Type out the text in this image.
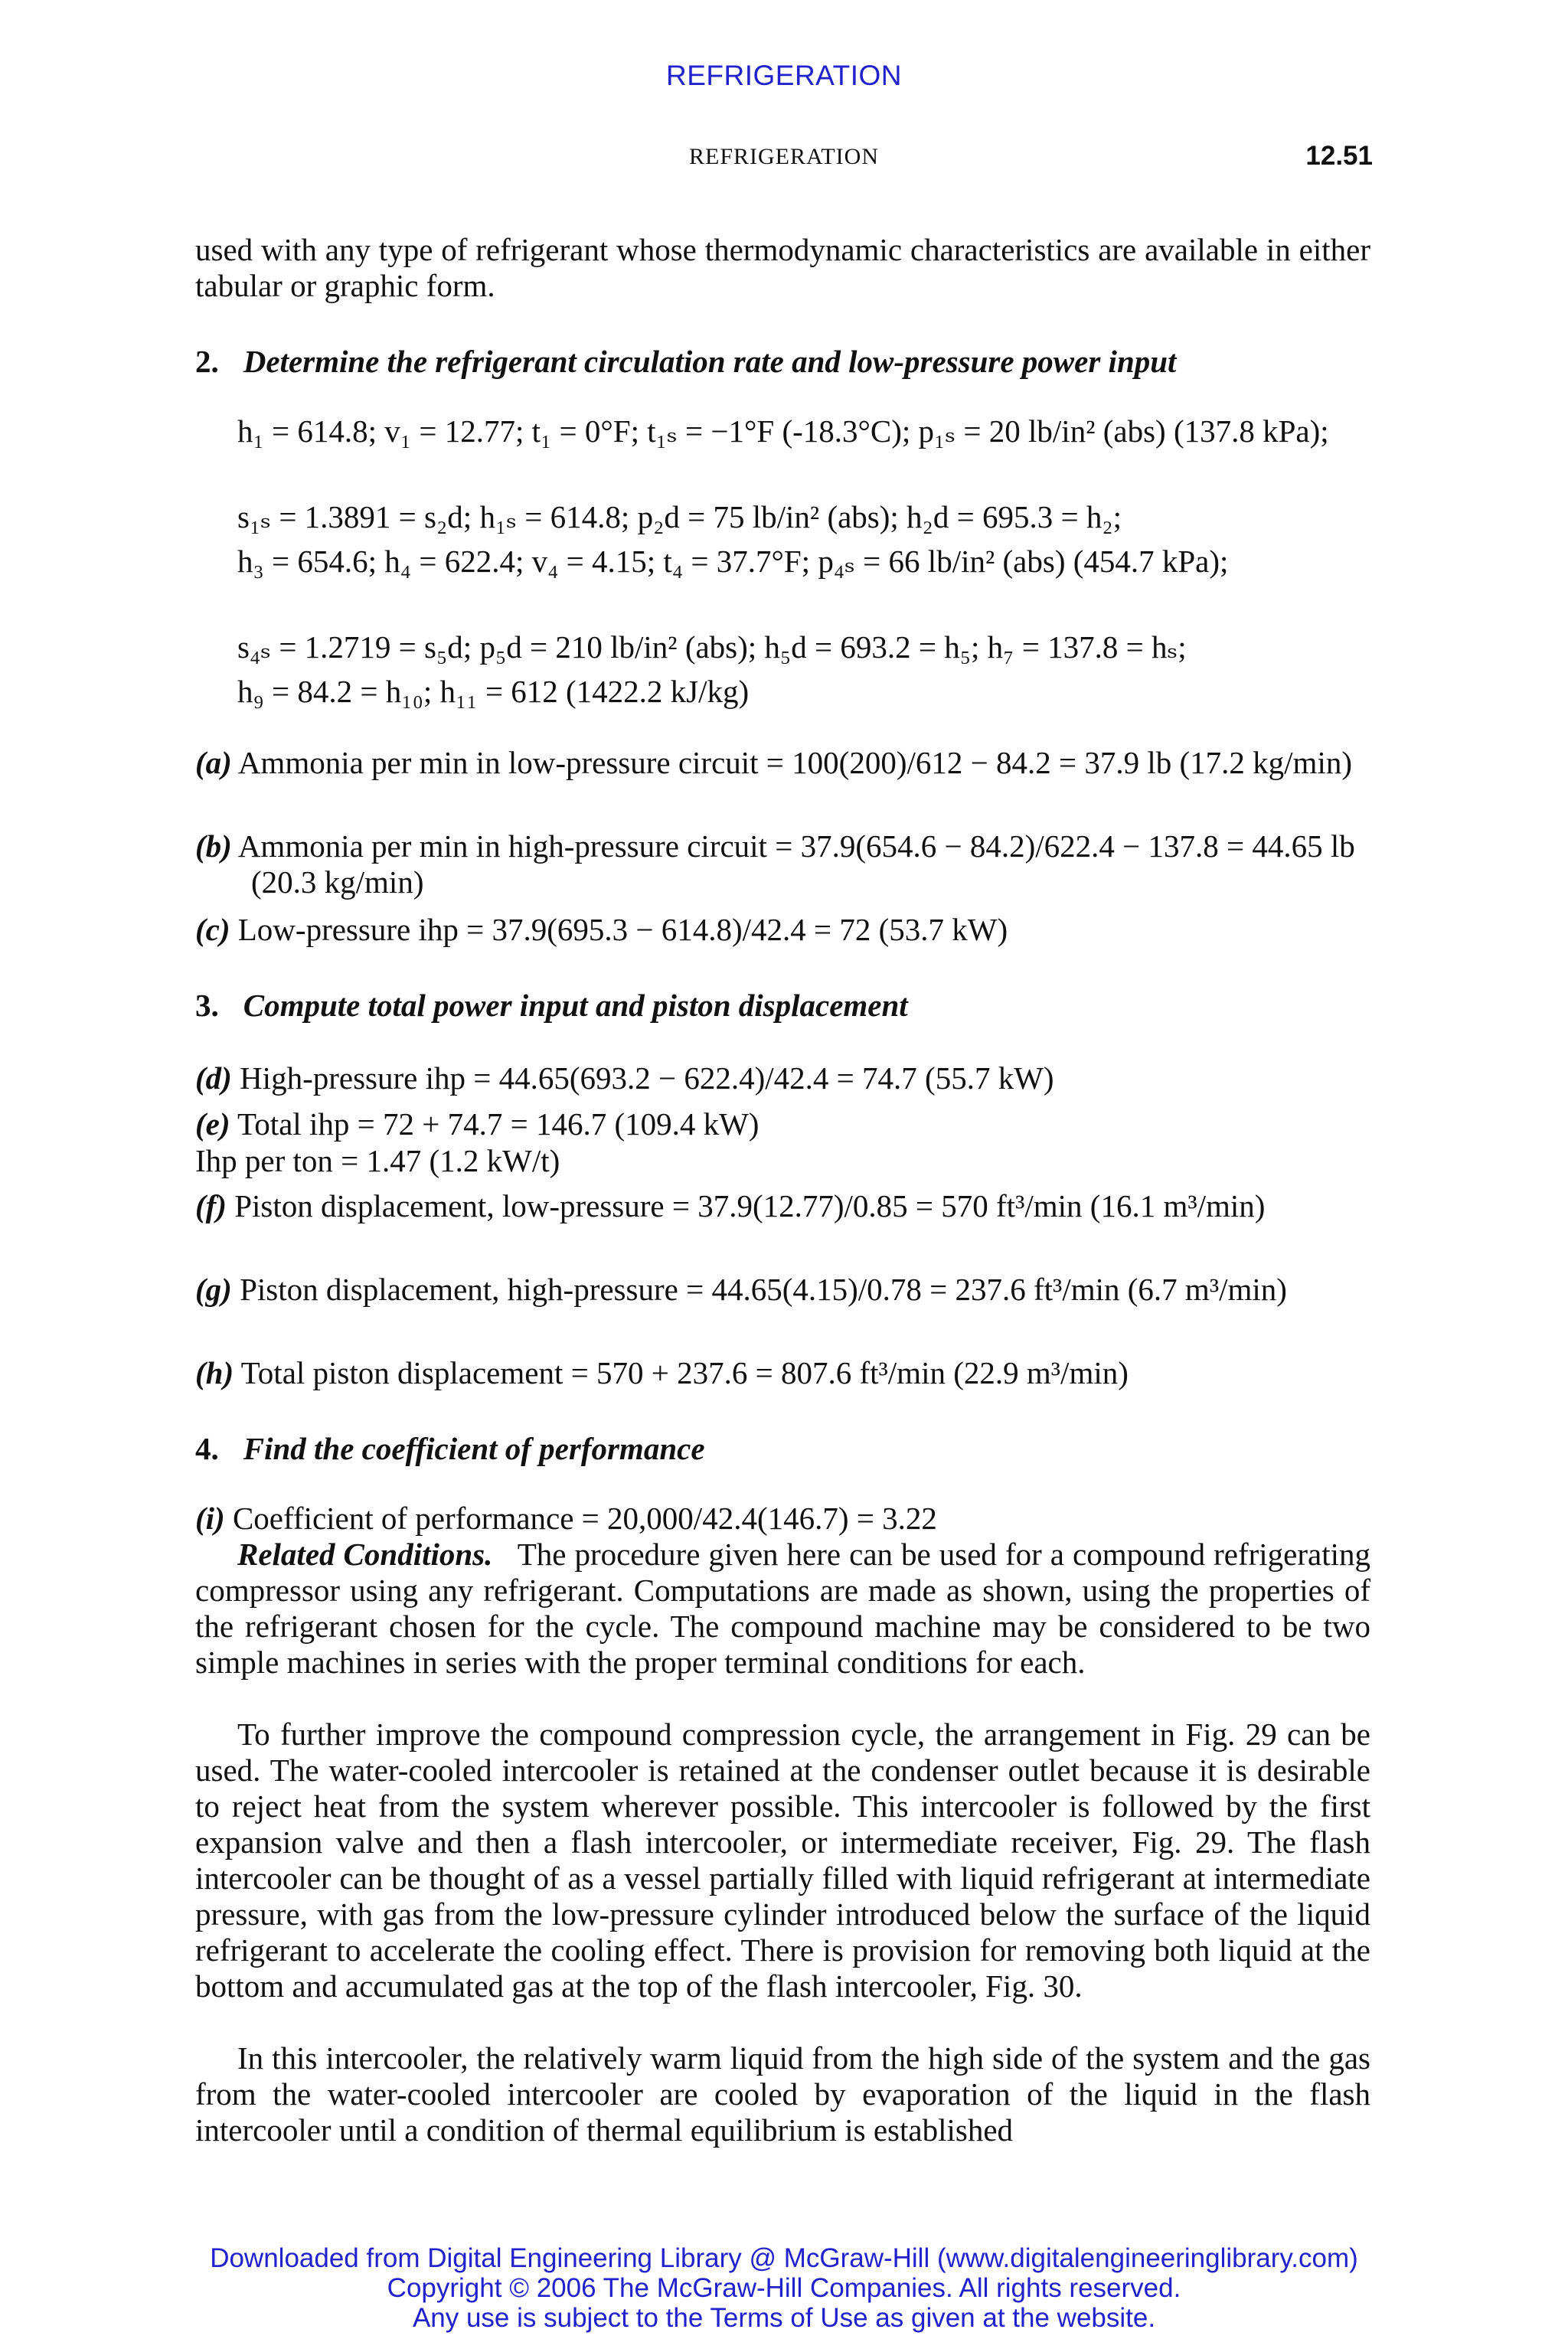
REFRIGERATION
REFRIGERATION	12.51
used with any type of refrigerant whose thermodynamic characteristics are available in either tabular or graphic form.
2. Determine the refrigerant circulation rate and low-pressure power input
h₁ = 614.8; v₁ = 12.77; t₁ = 0°F; t₁ₛ = −1°F (-18.3°C); p₁ₛ = 20 lb/in² (abs) (137.8 kPa);
s₁ₛ = 1.3891 = s₂d; h₁ₛ = 614.8; p₂d = 75 lb/in² (abs); h₂d = 695.3 = h₂;
h₃ = 654.6; h₄ = 622.4; v₄ = 4.15; t₄ = 37.7°F; p₄ₛ = 66 lb/in² (abs) (454.7 kPa);
s₄ₛ = 1.2719 = s₅d; p₅d = 210 lb/in² (abs); h₅d = 693.2 = h₅; h₇ = 137.8 = hₛ;
h₉ = 84.2 = h₁₀; h₁₁ = 612 (1422.2 kJ/kg)
(a) Ammonia per min in low-pressure circuit = 100(200)/612 − 84.2 = 37.9 lb (17.2 kg/min)
(b) Ammonia per min in high-pressure circuit = 37.9(654.6 − 84.2)/622.4 − 137.8 = 44.65 lb (20.3 kg/min)
(c) Low-pressure ihp = 37.9(695.3 − 614.8)/42.4 = 72 (53.7 kW)
3. Compute total power input and piston displacement
(d) High-pressure ihp = 44.65(693.2 − 622.4)/42.4 = 74.7 (55.7 kW)
(e) Total ihp = 72 + 74.7 = 146.7 (109.4 kW)
Ihp per ton = 1.47 (1.2 kW/t)
(f) Piston displacement, low-pressure = 37.9(12.77)/0.85 = 570 ft³/min (16.1 m³/min)
(g) Piston displacement, high-pressure = 44.65(4.15)/0.78 = 237.6 ft³/min (6.7 m³/min)
(h) Total piston displacement = 570 + 237.6 = 807.6 ft³/min (22.9 m³/min)
4. Find the coefficient of performance
(i) Coefficient of performance = 20,000/42.4(146.7) = 3.22
Related Conditions. The procedure given here can be used for a compound refrigerating compressor using any refrigerant. Computations are made as shown, using the properties of the refrigerant chosen for the cycle. The compound machine may be considered to be two simple machines in series with the proper terminal conditions for each.
To further improve the compound compression cycle, the arrangement in Fig. 29 can be used. The water-cooled intercooler is retained at the condenser outlet because it is desirable to reject heat from the system wherever possible. This intercooler is followed by the first expansion valve and then a flash intercooler, or intermediate receiver, Fig. 29. The flash intercooler can be thought of as a vessel partially filled with liquid refrigerant at intermediate pressure, with gas from the low-pressure cylinder introduced below the surface of the liquid refrigerant to accelerate the cooling effect. There is provision for removing both liquid at the bottom and accumulated gas at the top of the flash intercooler, Fig. 30.
In this intercooler, the relatively warm liquid from the high side of the system and the gas from the water-cooled intercooler are cooled by evaporation of the liquid in the flash intercooler until a condition of thermal equilibrium is established
Downloaded from Digital Engineering Library @ McGraw-Hill (www.digitalengineeringlibrary.com)
Copyright © 2006 The McGraw-Hill Companies. All rights reserved.
Any use is subject to the Terms of Use as given at the website.
